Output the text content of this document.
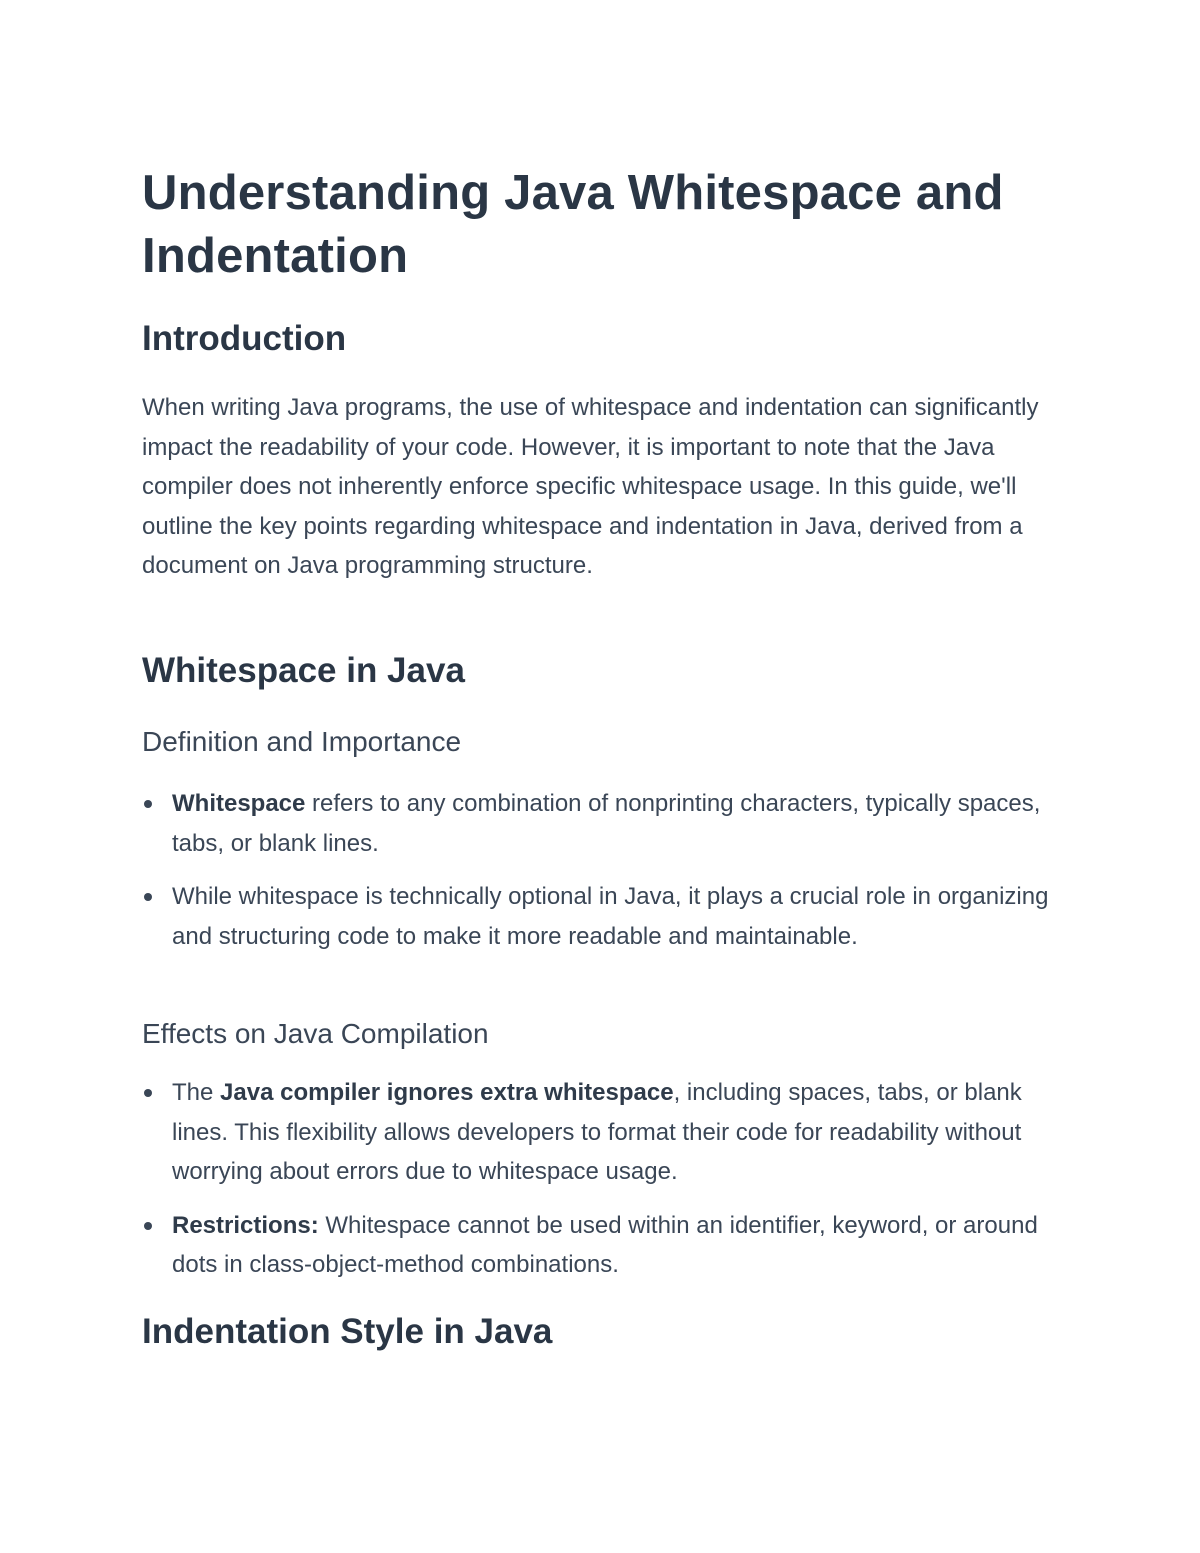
Understanding Java Whitespace and Indentation
Introduction

When writing Java programs, the use of whitespace and indentation can significantly impact the readability of your code. However, it is important to note that the Java compiler does not inherently enforce specific whitespace usage. In this guide, we'll outline the key points regarding whitespace and indentation in Java, derived from a document on Java programming structure.

Whitespace in Java
Definition and Importance
Whitespace refers to any combination of nonprinting characters, typically spaces, tabs, or blank lines.
While whitespace is technically optional in Java, it plays a crucial role in organizing and structuring code to make it more readable and maintainable.
Effects on Java Compilation
The Java compiler ignores extra whitespace, including spaces, tabs, or blank lines. This flexibility allows developers to format their code for readability without worrying about errors due to whitespace usage.
Restrictions: Whitespace cannot be used within an identifier, keyword, or around dots in class-object-method combinations.
Indentation Style in Java
